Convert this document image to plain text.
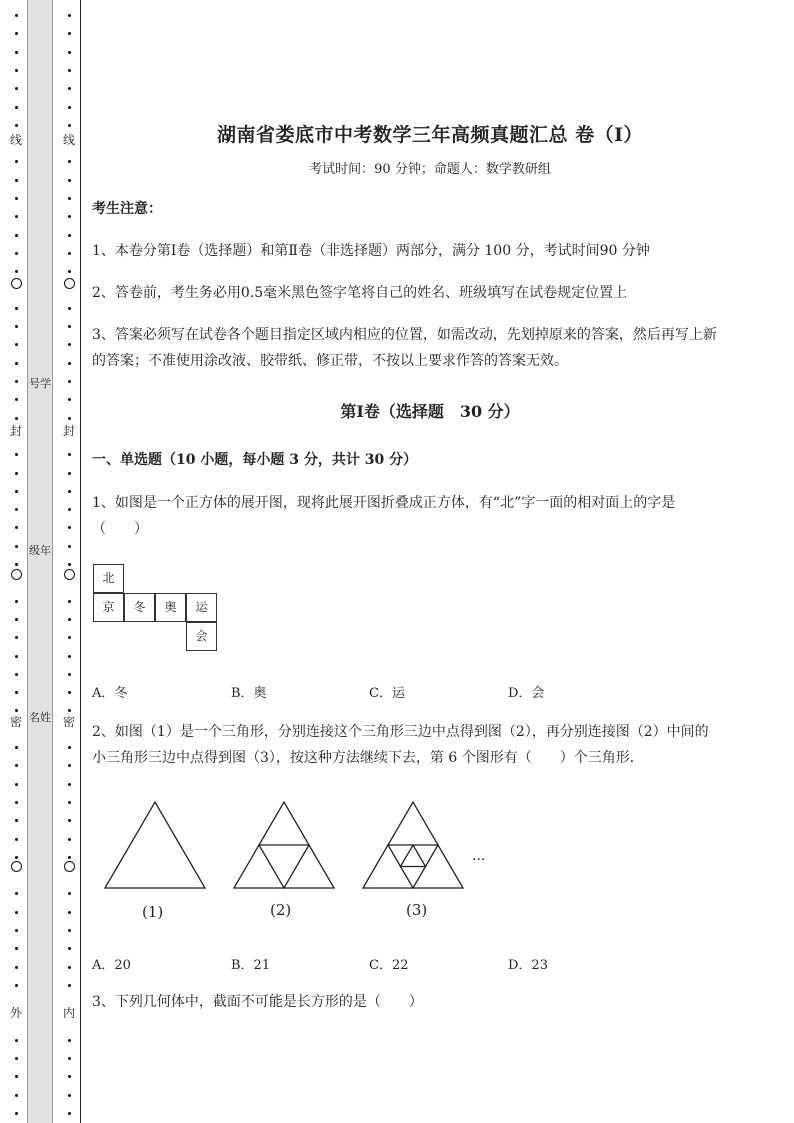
线
封
密
外
线
封
密
内
号学
级年
名姓
湖南省娄底市中考数学三年高频真题汇总 卷（Ⅰ）
考试时间：90 分钟；命题人：数学教研组
考生注意：
1、本卷分第Ⅰ卷（选择题）和第Ⅱ卷（非选择题）两部分，满分 100 分，考试时间90 分钟
2、答卷前，考生务必用0.5毫米黑色签字笔将自己的姓名、班级填写在试卷规定位置上
3、答案必须写在试卷各个题目指定区域内相应的位置，如需改动，先划掉原来的答案，然后再写上新
的答案；不准使用涂改液、胶带纸、修正带，不按以上要求作答的答案无效。
第Ⅰ卷（选择题　30 分）
一、单选题（10 小题，每小题 3 分，共计 30 分）
1、如图是一个正方体的展开图，现将此展开图折叠成正方体，有“北”字一面的相对面上的字是
（　　）
北
京	冬	奥	运
会
A．冬	B．奥	C．运	D．会
2、如图（1）是一个三角形，分别连接这个三角形三边中点得到图（2），再分别连接图（2）中间的
小三角形三边中点得到图（3），按这种方法继续下去，第 6 个图形有（　　）个三角形．
(1)	(2)	(3)
···
A．20	B．21	C．22	D．23
3、下列几何体中，截面不可能是长方形的是（　　）
